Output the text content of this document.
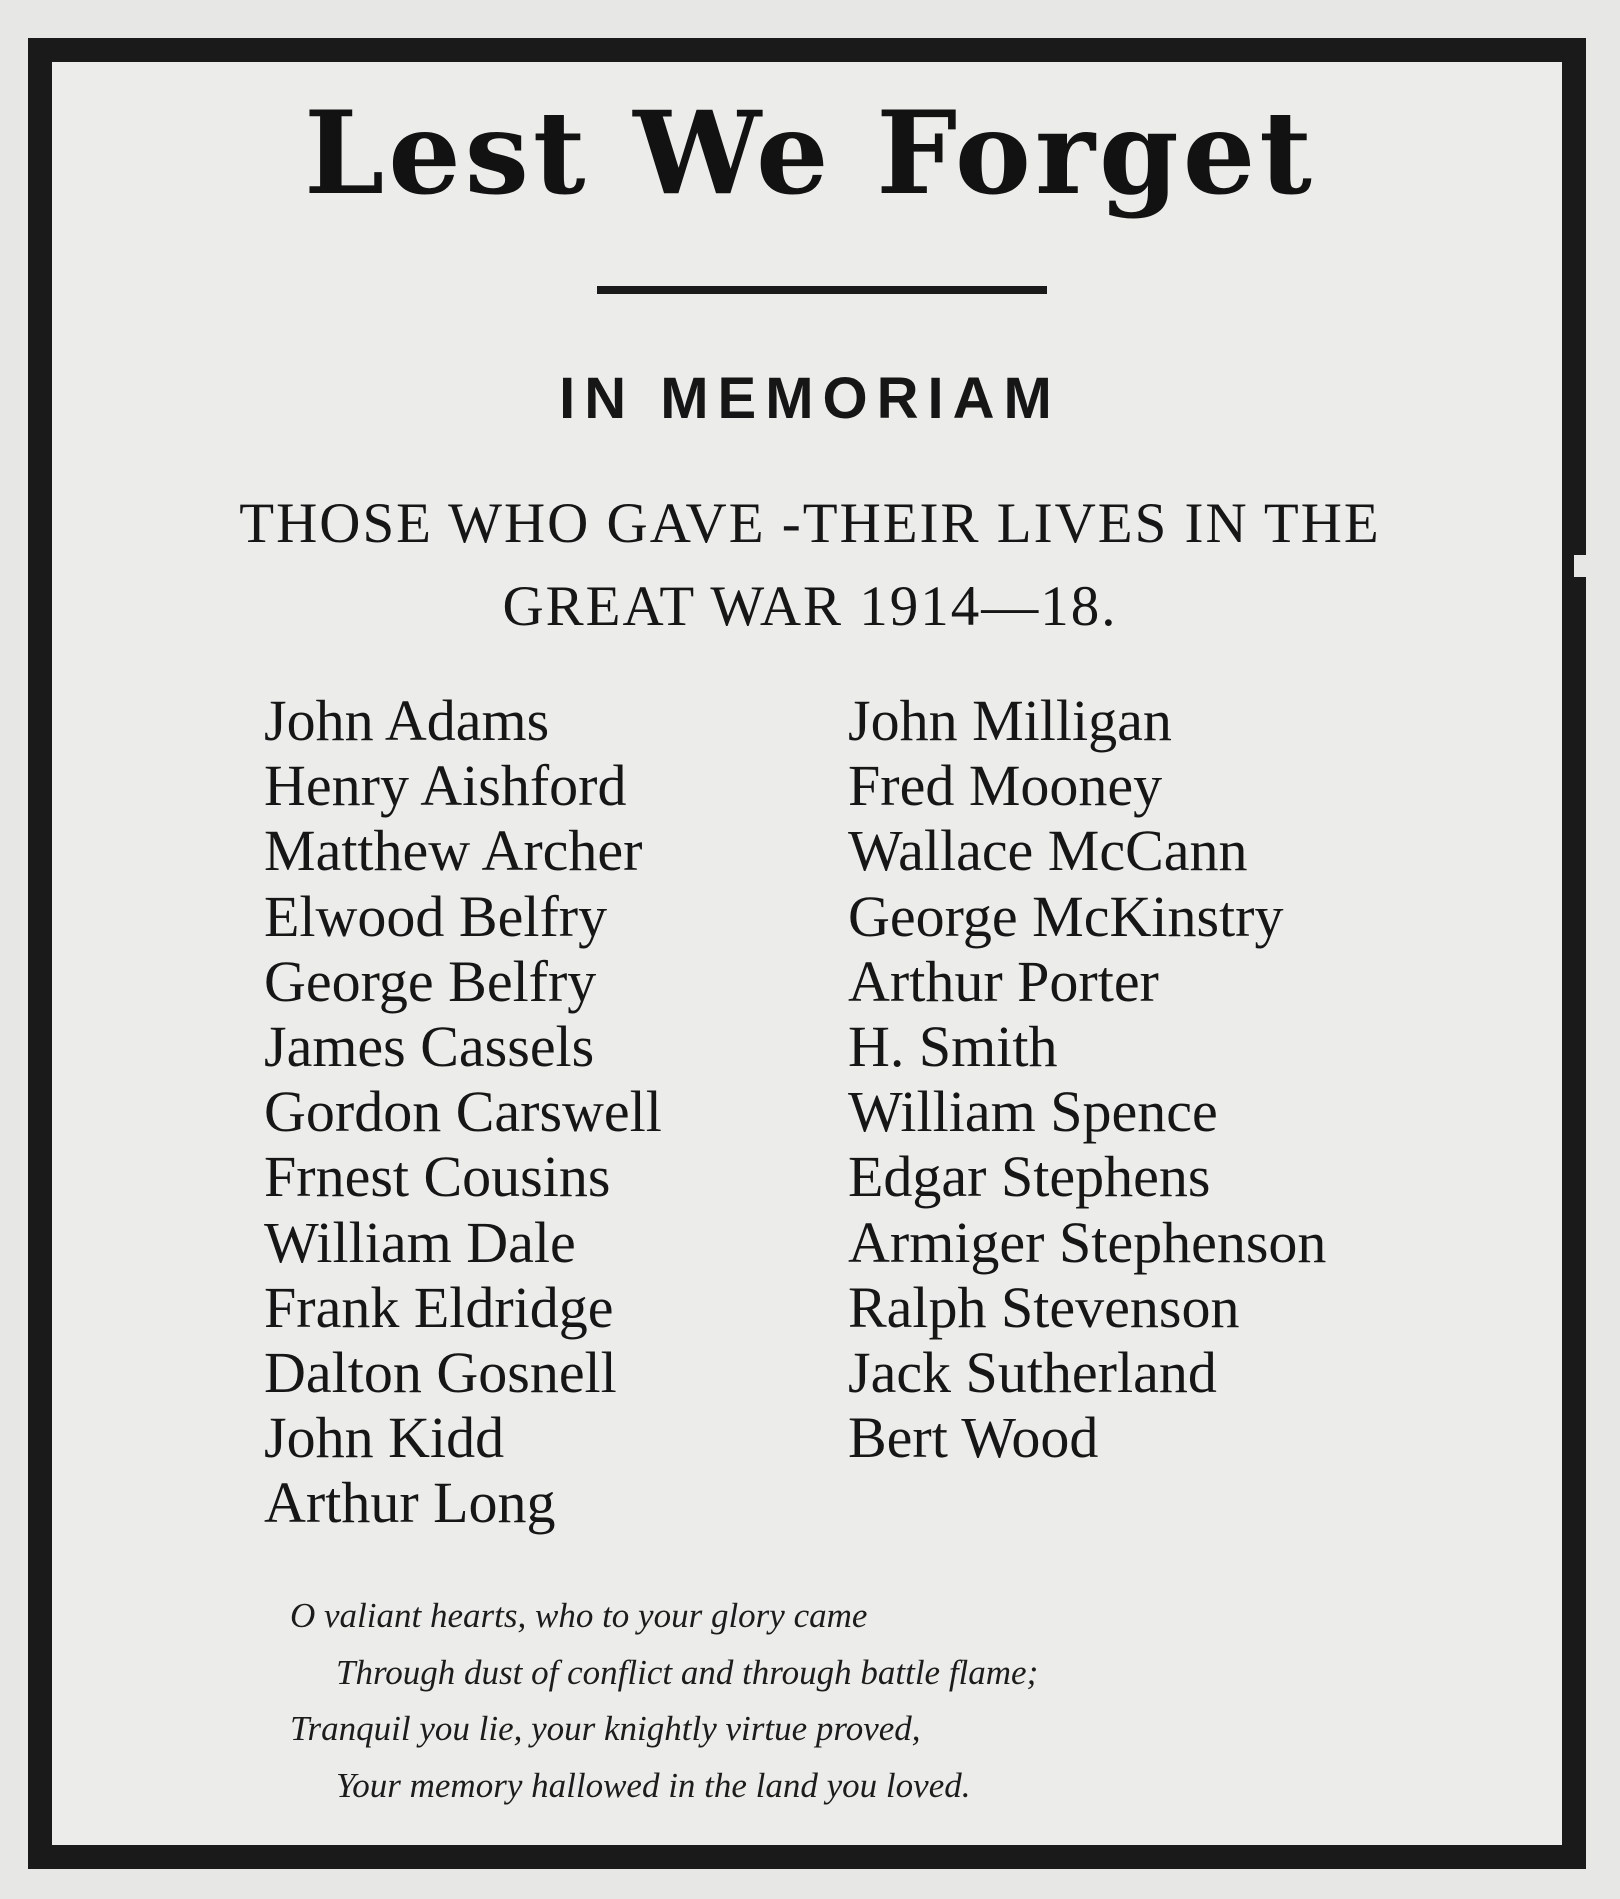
Lest We Forget
IN MEMORIAM
THOSE WHO GAVE -THEIR LIVES IN THE
GREAT WAR 1914—18.
John Adams
Henry Aishford
Matthew Archer
Elwood Belfry
George Belfry
James Cassels
Gordon Carswell
Frnest Cousins
William Dale
Frank Eldridge
Dalton Gosnell
John Kidd
Arthur Long
John Milligan
Fred Mooney
Wallace McCann
George McKinstry
Arthur Porter
H. Smith
William Spence
Edgar Stephens
Armiger Stephenson
Ralph Stevenson
Jack Sutherland
Bert Wood
O valiant hearts, who to your glory came
Through dust of conflict and through battle flame;
Tranquil you lie, your knightly virtue proved,
Your memory hallowed in the land you loved.
